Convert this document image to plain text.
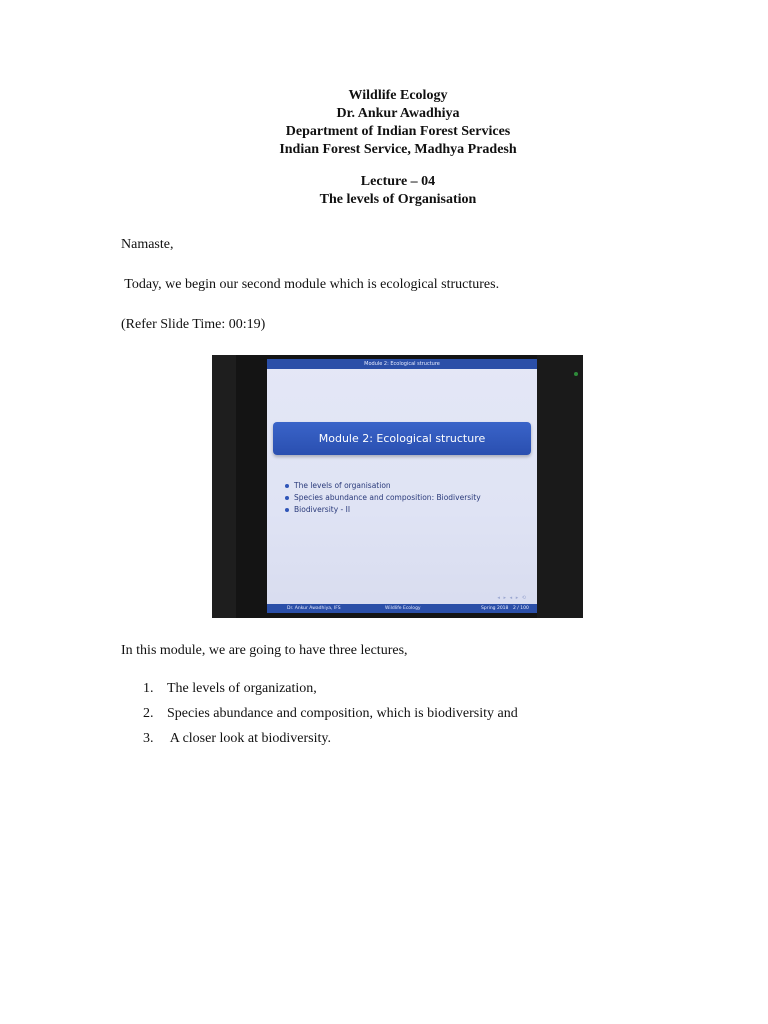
Wildlife Ecology
Dr. Ankur Awadhiya
Department of Indian Forest Services
Indian Forest Service, Madhya Pradesh
Lecture – 04
The levels of Organisation
Namaste,
Today, we begin our second module which is ecological structures.
(Refer Slide Time: 00:19)
Module 2: Ecological structure
Module 2: Ecological structure
The levels of organisation
Species abundance and composition: Biodiversity
Biodiversity - II
◂ ▸ ◂ ▸ ⟲
Dr. Ankur Awadhiya, IFS	Wildlife Ecology	Spring 2018 2 / 100
In this module, we are going to have three lectures,
1. The levels of organization,
2. Species abundance and composition, which is biodiversity and
3. A closer look at biodiversity.
